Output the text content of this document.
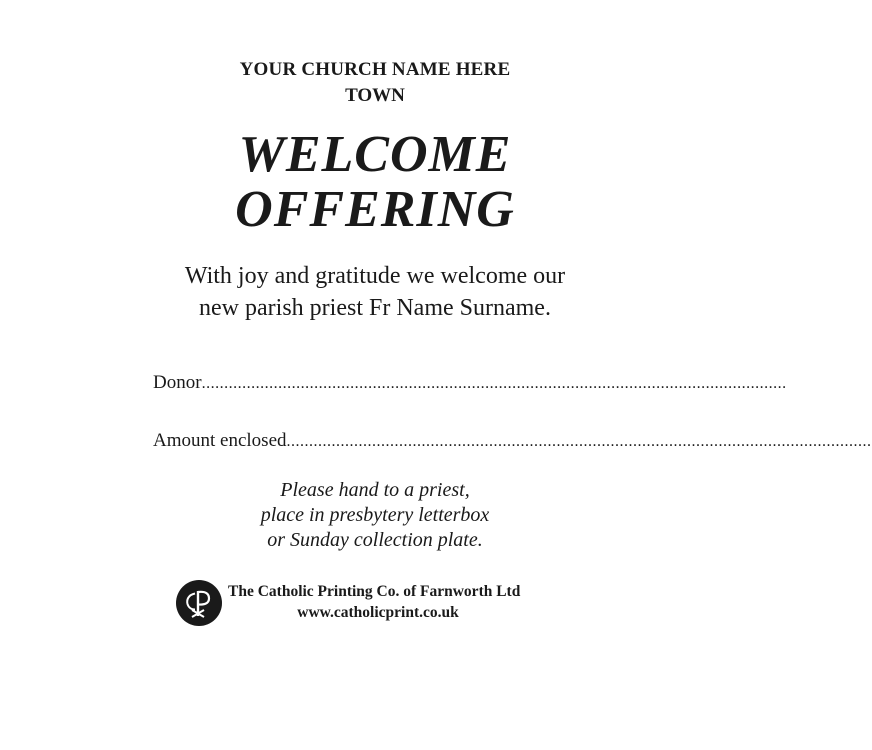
YOUR CHURCH NAME HERE
TOWN
WELCOME
OFFERING
With joy and gratitude we welcome our
new parish priest Fr Name Surname.
Donor ..................................................................................................................................
Amount enclosed ..................................................................................................................................
Please hand to a priest,
place in presbytery letterbox
or Sunday collection plate.
The Catholic Printing Co. of Farnworth Ltd
www.catholicprint.co.uk
